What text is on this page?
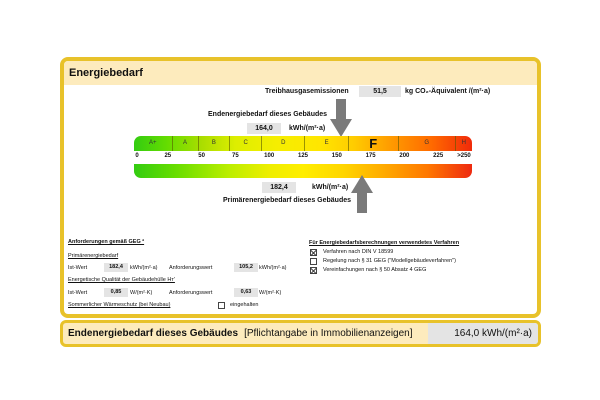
Energiebedarf
Treibhausgasemissionen	51,5	kg CO₂-Äquivalent /(m²·a)
Endenergiebedarf dieses Gebäudes
164,0	kWh/(m²·a)
A+	A	B	C	D	E	F	G	H
0	25	50	75	100	125	150	175	200	225 >250
182,4	kWh/(m²·a)
Primärenergiebedarf dieses Gebäudes
Anforderungen gemäß GEG ²
Primärenergiebedarf
Ist-Wert	182,4	kWh/(m²·a) Anforderungswert	105,2	kWh/(m²·a)
Energetische Qualität der Gebäudehülle Hт'
Ist-Wert	0,85	W/(m²·K)	Anforderungswert	0,63	W/(m²·K)
Sommerlicher Wärmeschutz (bei Neubau)	eingehalten
Für Energiebedarfsberechnungen verwendetes Verfahren
Verfahren nach DIN V 18599
Regelung nach § 31 GEG ("Modellgebäudeverfahren")
Vereinfachungen nach § 50 Absatz 4 GEG
Endenergiebedarf dieses Gebäudes [Pflichtangabe in Immobilienanzeigen]	164,0 kWh/(m²·a)
